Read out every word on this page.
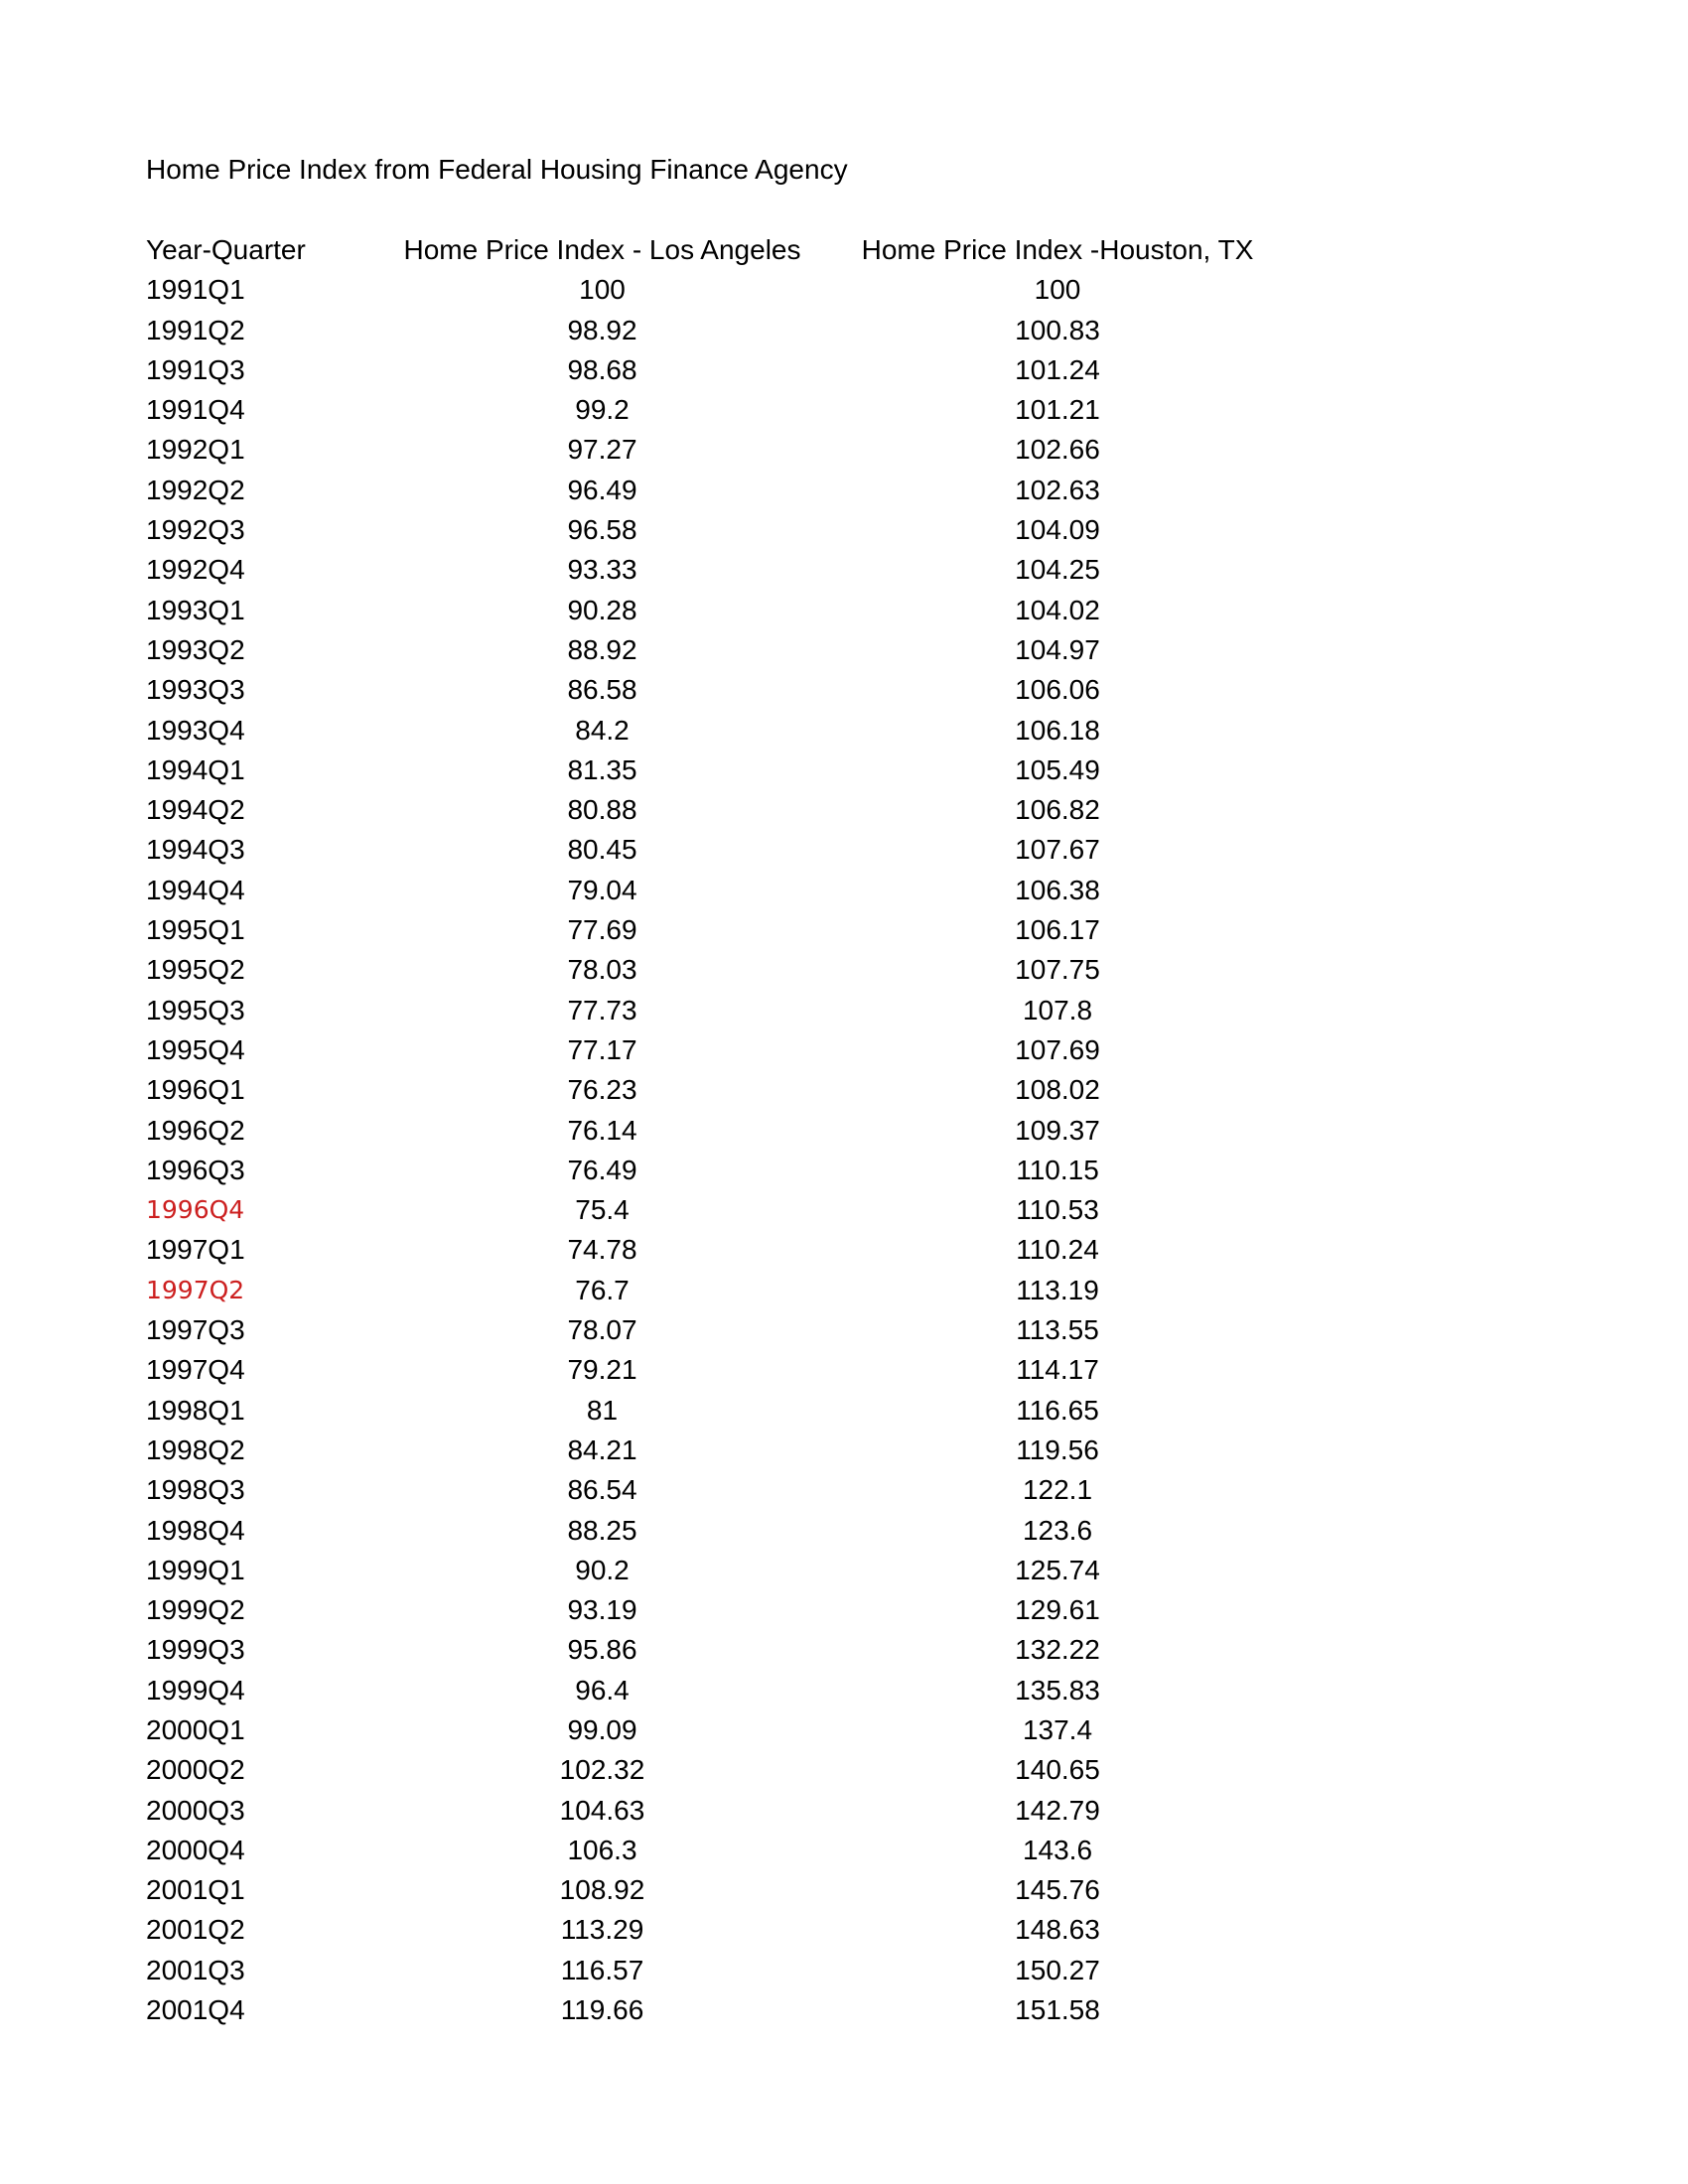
Home Price Index from Federal Housing Finance Agency
Year-Quarter	Home Price Index - Los Angeles	Home Price Index -Houston, TX
1991Q1	100	100
1991Q2	98.92	100.83
1991Q3	98.68	101.24
1991Q4	99.2	101.21
1992Q1	97.27	102.66
1992Q2	96.49	102.63
1992Q3	96.58	104.09
1992Q4	93.33	104.25
1993Q1	90.28	104.02
1993Q2	88.92	104.97
1993Q3	86.58	106.06
1993Q4	84.2	106.18
1994Q1	81.35	105.49
1994Q2	80.88	106.82
1994Q3	80.45	107.67
1994Q4	79.04	106.38
1995Q1	77.69	106.17
1995Q2	78.03	107.75
1995Q3	77.73	107.8
1995Q4	77.17	107.69
1996Q1	76.23	108.02
1996Q2	76.14	109.37
1996Q3	76.49	110.15
1996Q4	75.4	110.53
1997Q1	74.78	110.24
1997Q2	76.7	113.19
1997Q3	78.07	113.55
1997Q4	79.21	114.17
1998Q1	81	116.65
1998Q2	84.21	119.56
1998Q3	86.54	122.1
1998Q4	88.25	123.6
1999Q1	90.2	125.74
1999Q2	93.19	129.61
1999Q3	95.86	132.22
1999Q4	96.4	135.83
2000Q1	99.09	137.4
2000Q2	102.32	140.65
2000Q3	104.63	142.79
2000Q4	106.3	143.6
2001Q1	108.92	145.76
2001Q2	113.29	148.63
2001Q3	116.57	150.27
2001Q4	119.66	151.58
